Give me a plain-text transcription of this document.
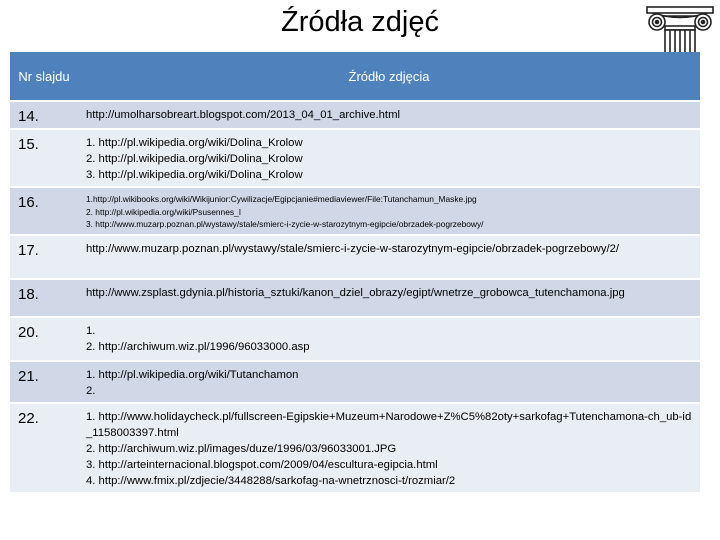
Źródła zdjęć
Nr slajdu	Źródło zdjęcia
14.	http://umolharsobreart.blogspot.com/2013_04_01_archive.html

15.	1. http://pl.wikipedia.org/wiki/Dolina_Krolow
2. http://pl.wikipedia.org/wiki/Dolina_Krolow
3. http://pl.wikipedia.org/wiki/Dolina_Krolow

16.	1.http://pl.wikibooks.org/wiki/Wikijunior:Cywilizacje/Egipcjanie#mediaviewer/File:Tutanchamun_Maske.jpg
2. http://pl.wikipedia.org/wiki/Psusennes_I
3. http://www.muzarp.poznan.pl/wystawy/stale/smierc-i-zycie-w-starozytnym-egipcie/obrzadek-pogrzebowy/

17.	http://www.muzarp.poznan.pl/wystawy/stale/smierc-i-zycie-w-starozytnym-egipcie/obrzadek-pogrzebowy/2/

18.	http://www.zsplast.gdynia.pl/historia_sztuki/kanon_dziel_obrazy/egipt/wnetrze_grobowca_tutenchamona.jpg

20.	1.
2. http://archiwum.wiz.pl/1996/96033000.asp

21.	1. http://pl.wikipedia.org/wiki/Tutanchamon
2.

22.	1. http://www.holidaycheck.pl/fullscreen-Egipskie+Muzeum+Narodowe+Z%C5%82oty+sarkofag+Tutenchamona-ch_ub-id_1158003397.html
2. http://archiwum.wiz.pl/images/duze/1996/03/96033001.JPG
3. http://arteinternacional.blogspot.com/2009/04/escultura-egipcia.html
4. http://www.fmix.pl/zdjecie/3448288/sarkofag-na-wnetrznosci-t/rozmiar/2
